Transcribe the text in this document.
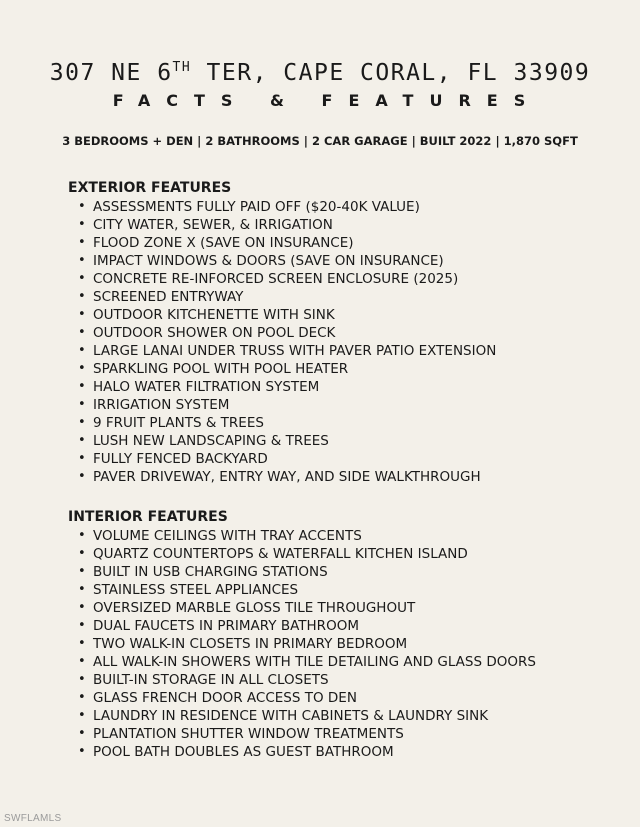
307 NE 6TH TER, CAPE CORAL, FL 33909
FACTS & FEATURES
3 BEDROOMS + DEN | 2 BATHROOMS | 2 CAR GARAGE | BUILT 2022 | 1,870 SQFT
EXTERIOR FEATURES
• ASSESSMENTS FULLY PAID OFF ($20-40K VALUE)
• CITY WATER, SEWER, & IRRIGATION
• FLOOD ZONE X (SAVE ON INSURANCE)
• IMPACT WINDOWS & DOORS (SAVE ON INSURANCE)
• CONCRETE RE-INFORCED SCREEN ENCLOSURE (2025)
• SCREENED ENTRYWAY
• OUTDOOR KITCHENETTE WITH SINK
• OUTDOOR SHOWER ON POOL DECK
• LARGE LANAI UNDER TRUSS WITH PAVER PATIO EXTENSION
• SPARKLING POOL WITH POOL HEATER
• HALO WATER FILTRATION SYSTEM
• IRRIGATION SYSTEM
• 9 FRUIT PLANTS & TREES
• LUSH NEW LANDSCAPING & TREES
• FULLY FENCED BACKYARD
• PAVER DRIVEWAY, ENTRY WAY, AND SIDE WALKTHROUGH
INTERIOR FEATURES
• VOLUME CEILINGS WITH TRAY ACCENTS
• QUARTZ COUNTERTOPS & WATERFALL KITCHEN ISLAND
• BUILT IN USB CHARGING STATIONS
• STAINLESS STEEL APPLIANCES
• OVERSIZED MARBLE GLOSS TILE THROUGHOUT
• DUAL FAUCETS IN PRIMARY BATHROOM
• TWO WALK-IN CLOSETS IN PRIMARY BEDROOM
• ALL WALK-IN SHOWERS WITH TILE DETAILING AND GLASS DOORS
• BUILT-IN STORAGE IN ALL CLOSETS
• GLASS FRENCH DOOR ACCESS TO DEN
• LAUNDRY IN RESIDENCE WITH CABINETS & LAUNDRY SINK
• PLANTATION SHUTTER WINDOW TREATMENTS
• POOL BATH DOUBLES AS GUEST BATHROOM
SWFLAMLS
